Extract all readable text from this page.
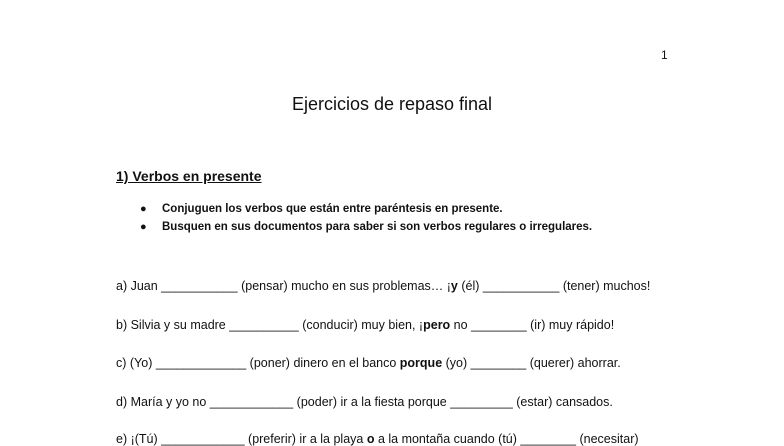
1
Ejercicios de repaso final
1) Verbos en presente
● Conjuguen los verbos que están entre paréntesis en presente.
● Busquen en sus documentos para saber si son verbos regulares o irregulares.
a) Juan ___________ (pensar) mucho en sus problemas… ¡y (él) ___________ (tener) muchos!
b) Silvia y su madre __________ (conducir) muy bien, ¡pero no ________ (ir) muy rápido!
c) (Yo) _____________ (poner) dinero en el banco porque (yo) ________ (querer) ahorrar.
d) María y yo no ____________ (poder) ir a la fiesta porque _________ (estar) cansados.
e) ¡(Tú) ____________ (preferir) ir a la playa o a la montaña cuando (tú) ________ (necesitar)
